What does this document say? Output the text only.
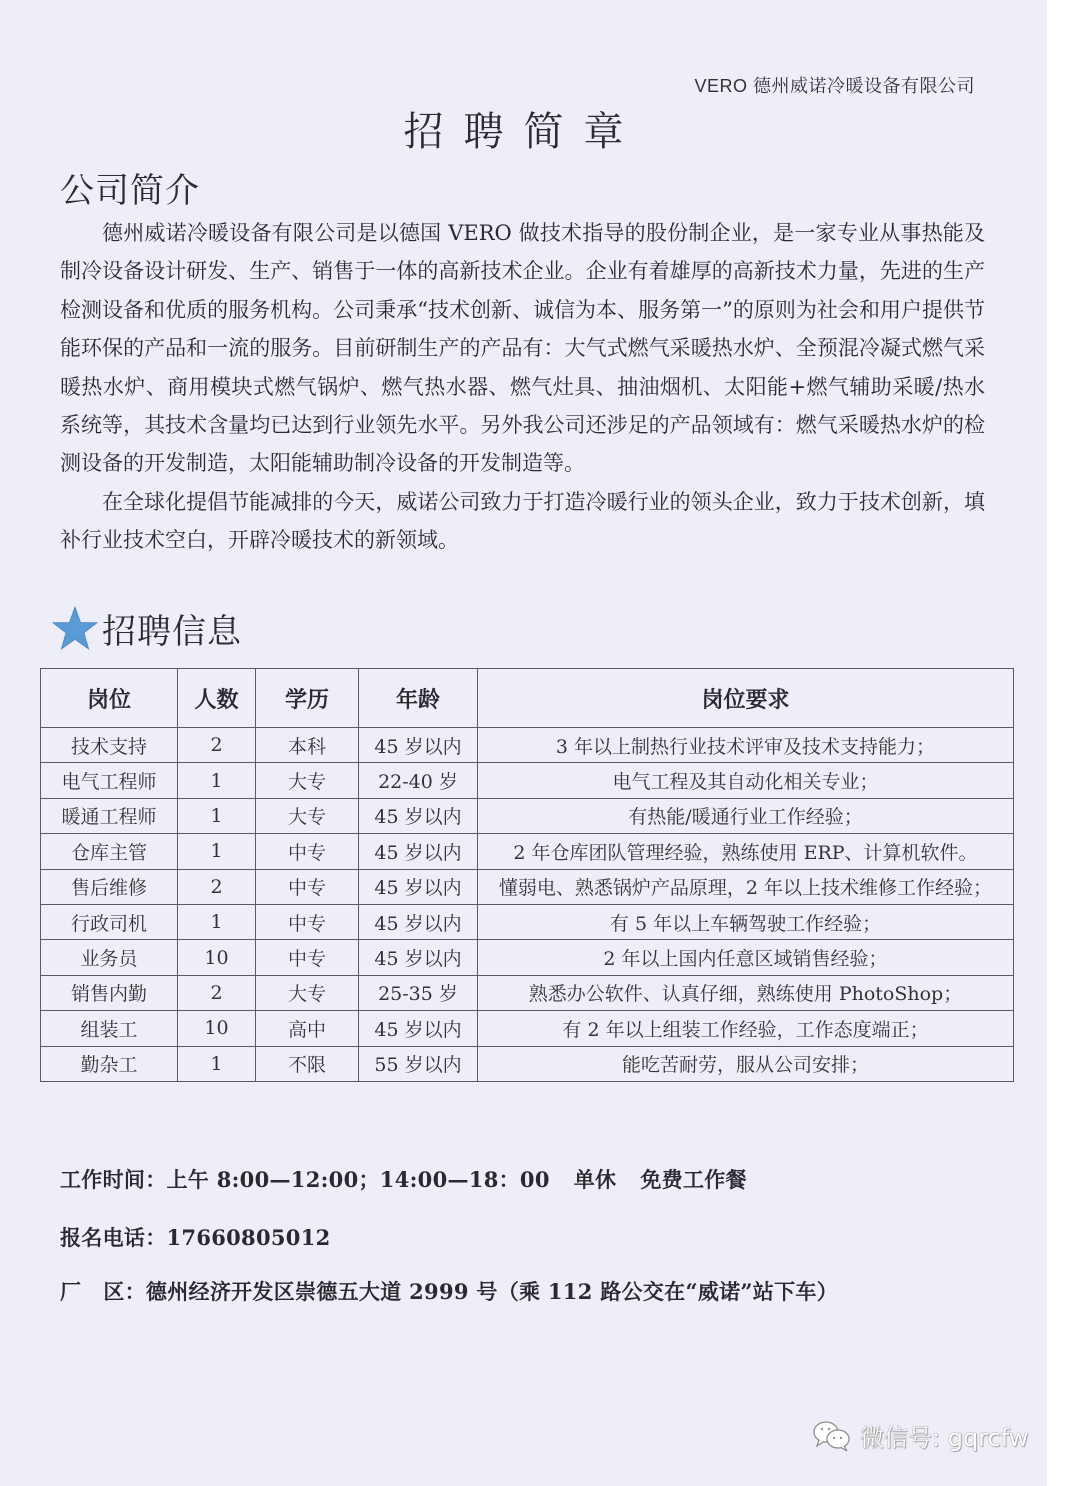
VERO 德州威诺冷暖设备有限公司
招聘简章
公司简介

德州威诺冷暖设备有限公司是以德国 VERO 做技术指导的股份制企业，是一家专业从事热能及制冷设备设计研发、生产、销售于一体的高新技术企业。企业有着雄厚的高新技术力量，先进的生产检测设备和优质的服务机构。公司秉承“技术创新、诚信为本、服务第一”的原则为社会和用户提供节能环保的产品和一流的服务。目前研制生产的产品有：大气式燃气采暖热水炉、全预混冷凝式燃气采暖热水炉、商用模块式燃气锅炉、燃气热水器、燃气灶具、抽油烟机、太阳能+燃气辅助采暖/热水系统等，其技术含量均已达到行业领先水平。另外我公司还涉足的产品领域有：燃气采暖热水炉的检测设备的开发制造，太阳能辅助制冷设备的开发制造等。

在全球化提倡节能减排的今天，威诺公司致力于打造冷暖行业的领头企业，致力于技术创新，填补行业技术空白，开辟冷暖技术的新领域。

招聘信息
岗位	人数	学历	年龄	岗位要求
技术支持	2	本科	45 岁以内	3 年以上制热行业技术评审及技术支持能力；
电气工程师	1	大专	22-40 岁	电气工程及其自动化相关专业；
暖通工程师	1	大专	45 岁以内	有热能/暖通行业工作经验；
仓库主管	1	中专	45 岁以内	2 年仓库团队管理经验，熟练使用 ERP、计算机软件。
售后维修	2	中专	45 岁以内	懂弱电、熟悉锅炉产品原理，2 年以上技术维修工作经验；
行政司机	1	中专	45 岁以内	有 5 年以上车辆驾驶工作经验；
业务员	10	中专	45 岁以内	2 年以上国内任意区域销售经验；
销售内勤	2	大专	25-35 岁	熟悉办公软件、认真仔细，熟练使用 PhotoShop；
组装工	10	高中	45 岁以内	有 2 年以上组装工作经验，工作态度端正；
勤杂工	1	不限	55 岁以内	能吃苦耐劳，服从公司安排；
工作时间：上午 8:00—12:00；14:00—18：00 单休 免费工作餐
报名电话：17660805012
厂 区：德州经济开发区崇德五大道 2999 号（乘 112 路公交在“威诺”站下车）
微信号: gqrcfw
